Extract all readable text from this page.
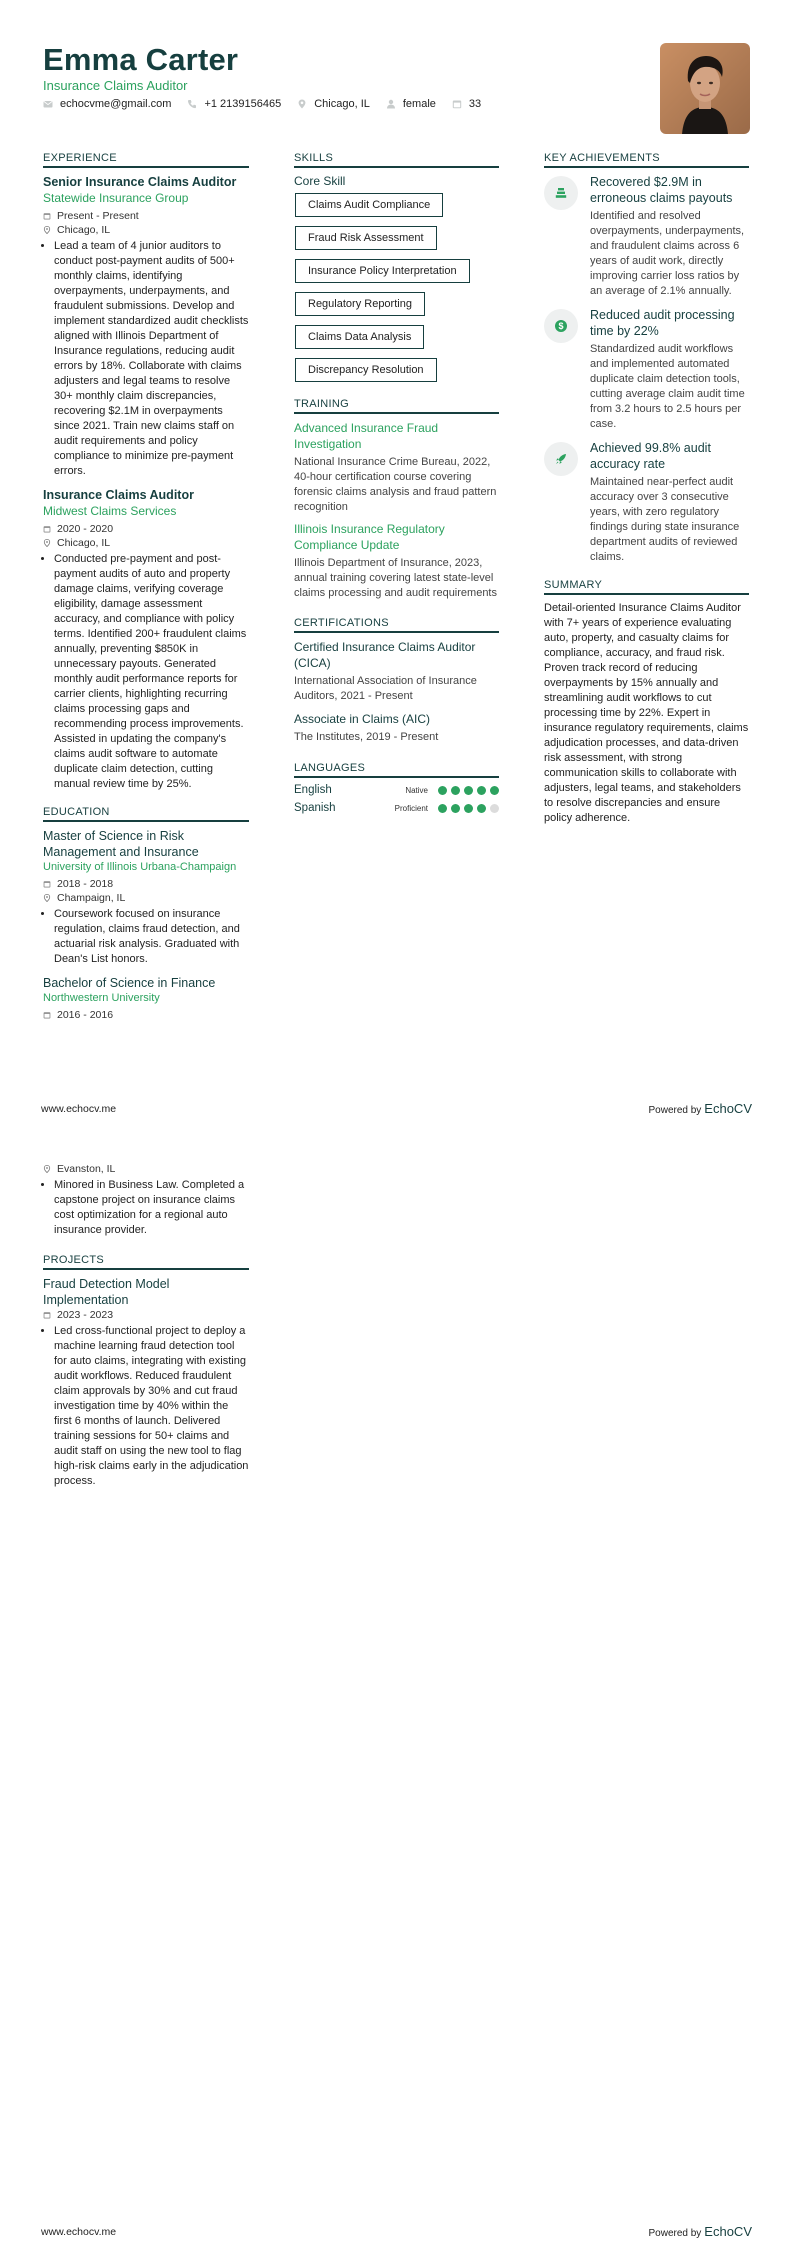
Emma Carter
Insurance Claims Auditor
echocvme@gmail.com	+1 2139156465	Chicago, IL	female	33
EXPERIENCE
Senior Insurance Claims Auditor
Statewide Insurance Group
Present - Present
Chicago, IL
• Lead a team of 4 junior auditors to conduct post-payment audits of 500+ monthly claims, identifying overpayments, underpayments, and fraudulent submissions. Develop and implement standardized audit checklists aligned with Illinois Department of Insurance regulations, reducing audit errors by 18%. Collaborate with claims adjusters and legal teams to resolve 30+ monthly claim discrepancies, recovering $2.1M in overpayments since 2021. Train new claims staff on audit requirements and policy compliance to minimize pre-payment errors.
Insurance Claims Auditor
Midwest Claims Services
2020 - 2020
Chicago, IL
• Conducted pre-payment and post-payment audits of auto and property damage claims, verifying coverage eligibility, damage assessment accuracy, and compliance with policy terms. Identified 200+ fraudulent claims annually, preventing $850K in unnecessary payouts. Generated monthly audit performance reports for carrier clients, highlighting recurring claims processing gaps and recommending process improvements. Assisted in updating the company's claims audit software to automate duplicate claim detection, cutting manual review time by 25%.
EDUCATION
Master of Science in Risk Management and Insurance
University of Illinois Urbana-Champaign
2018 - 2018
Champaign, IL
• Coursework focused on insurance regulation, claims fraud detection, and actuarial risk analysis. Graduated with Dean's List honors.
Bachelor of Science in Finance
Northwestern University
2016 - 2016
SKILLS
Core Skill
Claims Audit Compliance
Fraud Risk Assessment
Insurance Policy Interpretation
Regulatory Reporting
Claims Data Analysis
Discrepancy Resolution
TRAINING
Advanced Insurance Fraud Investigation
National Insurance Crime Bureau, 2022, 40-hour certification course covering forensic claims analysis and fraud pattern recognition
Illinois Insurance Regulatory Compliance Update
Illinois Department of Insurance, 2023, annual training covering latest state-level claims processing and audit requirements
CERTIFICATIONS
Certified Insurance Claims Auditor (CICA)
International Association of Insurance Auditors, 2021 - Present
Associate in Claims (AIC)
The Institutes, 2019 - Present
LANGUAGES
English	Native
Spanish	Proficient
KEY ACHIEVEMENTS
Recovered $2.9M in erroneous claims payouts
Identified and resolved overpayments, underpayments, and fraudulent claims across 6 years of audit work, directly improving carrier loss ratios by an average of 2.1% annually.
$
Reduced audit processing time by 22%
Standardized audit workflows and implemented automated duplicate claim detection tools, cutting average claim audit time from 3.2 hours to 2.5 hours per case.
Achieved 99.8% audit accuracy rate
Maintained near-perfect audit accuracy over 3 consecutive years, with zero regulatory findings during state insurance department audits of reviewed claims.
SUMMARY
Detail-oriented Insurance Claims Auditor with 7+ years of experience evaluating auto, property, and casualty claims for compliance, accuracy, and fraud risk. Proven track record of reducing overpayments by 15% annually and streamlining audit workflows to cut processing time by 22%. Expert in insurance regulatory requirements, claims adjudication processes, and data-driven risk assessment, with strong communication skills to collaborate with adjusters, legal teams, and stakeholders to resolve discrepancies and ensure policy adherence.
www.echocv.me	Powered by EchoCV
Evanston, IL
• Minored in Business Law. Completed a capstone project on insurance claims cost optimization for a regional auto insurance provider.
PROJECTS
Fraud Detection Model Implementation
2023 - 2023
• Led cross-functional project to deploy a machine learning fraud detection tool for auto claims, integrating with existing audit workflows. Reduced fraudulent claim approvals by 30% and cut fraud investigation time by 40% within the first 6 months of launch. Delivered training sessions for 50+ claims and audit staff on using the new tool to flag high-risk claims early in the adjudication process.
www.echocv.me	Powered by EchoCV
